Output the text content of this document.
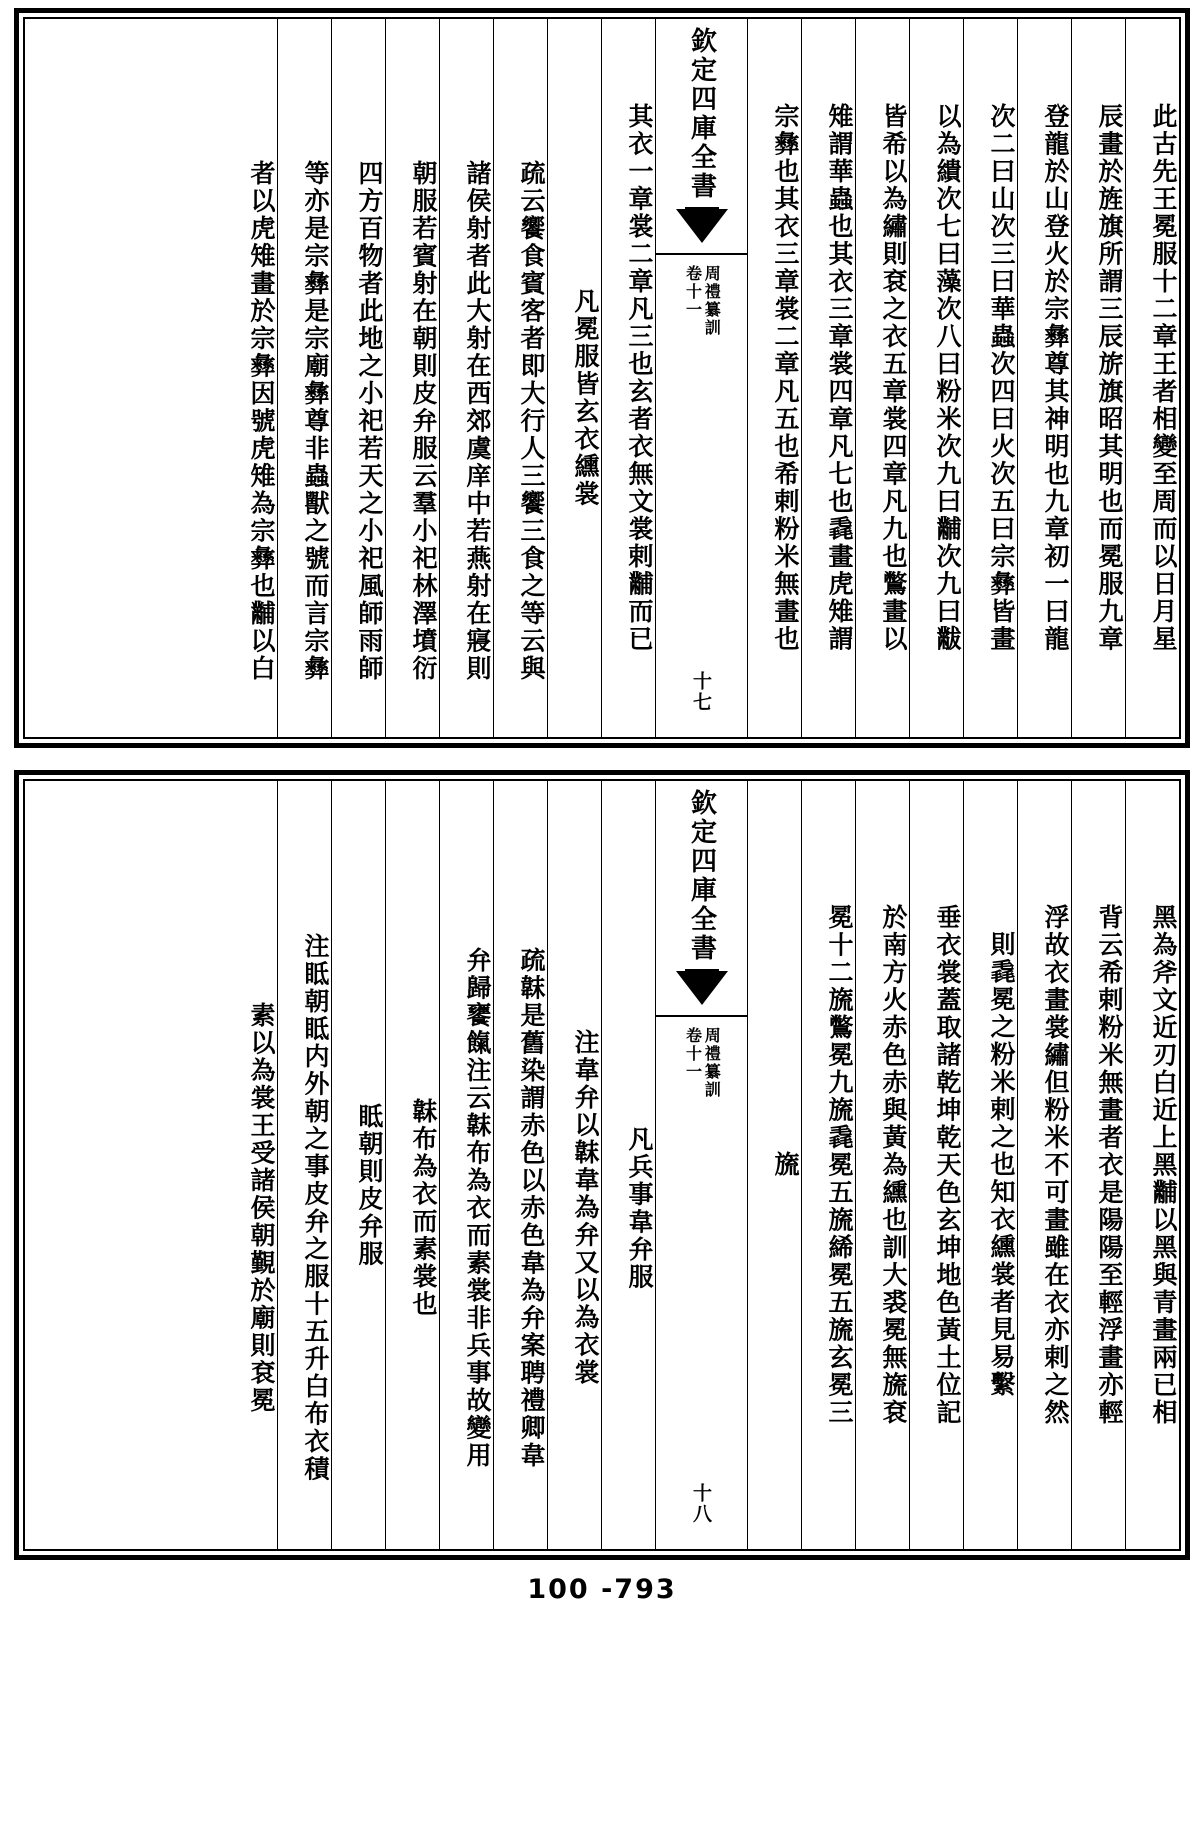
此古先王冕服十二章王者相變至周而以日月星
辰畫於旌旗所謂三辰旂旗昭其明也而冕服九章
登龍於山登火於宗彝尊其神明也九章初一曰龍
次二曰山次三曰華蟲次四曰火次五曰宗彝皆畫
以為繢次七曰藻次八曰粉米次九曰黼次九曰黻
皆希以為繡則袞之衣五章裳四章凡九也鷩畫以
雉謂華蟲也其衣三章裳四章凡七也毳畫虎雉謂
宗彝也其衣三章裳二章凡五也希剌粉米無畫也
欽定四庫全書
卷十一 周禮纂訓
十七
其衣一章裳二章凡三也玄者衣無文裳剌黼而已
凡冕服皆玄衣纁裳
疏云饗食賓客者即大行人三饗三食之等云與
諸侯射者此大射在西郊虞庠中若燕射在寢則
朝服若賓射在朝則皮弁服云羣小祀林澤墳衍
四方百物者此地之小祀若天之小祀風師雨師
等亦是宗彝是宗廟彝尊非蟲獸之號而言宗彝
者以虎雉畫於宗彝因號虎雉為宗彝也黼以白
黑為斧文近刃白近上黑黼以黑與青畫兩已相
背云希剌粉米無畫者衣是陽陽至輕浮畫亦輕
浮故衣畫裳繡但粉米不可畫雖在衣亦剌之然
則毳冕之粉米剌之也知衣纁裳者見易繫
垂衣裳蓋取諸乾坤乾天色玄坤地色黃土位記
於南方火赤色赤與黃為纁也訓大裘冕無旒袞
冕十二旒鷩冕九旒毳冕五旒絺冕五旒玄冕三
旒
欽定四庫全書
卷十一 周禮纂訓
十八
凡兵事韋弁服
注韋弁以韎韋為弁又以為衣裳
疏韎是舊染謂赤色以赤色韋為弁案聘禮卿韋
弁歸饔餼注云韎布為衣而素裳非兵事故變用
韎布為衣而素裳也
眡朝則皮弁服
注眡朝眡内外朝之事皮弁之服十五升白布衣積
素以為裳王受諸侯朝覲於廟則袞冕
100 -793
